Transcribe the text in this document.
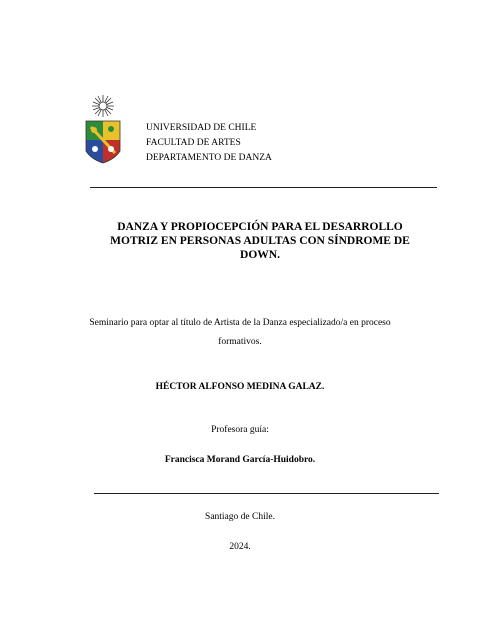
UNIVERSIDAD DE CHILE
FACULTAD DE ARTES
DEPARTAMENTO DE DANZA
DANZA Y PROPIOCEPCIÓN PARA EL DESARROLLO MOTRIZ EN PERSONAS ADULTAS CON SÍNDROME DE DOWN.
Seminario para optar al título de Artista de la Danza especializado/a en proceso
formativos.
HÉCTOR ALFONSO MEDINA GALAZ.
Profesora guía:
Francisca Morand García-Huidobro.
Santiago de Chile.
2024.
